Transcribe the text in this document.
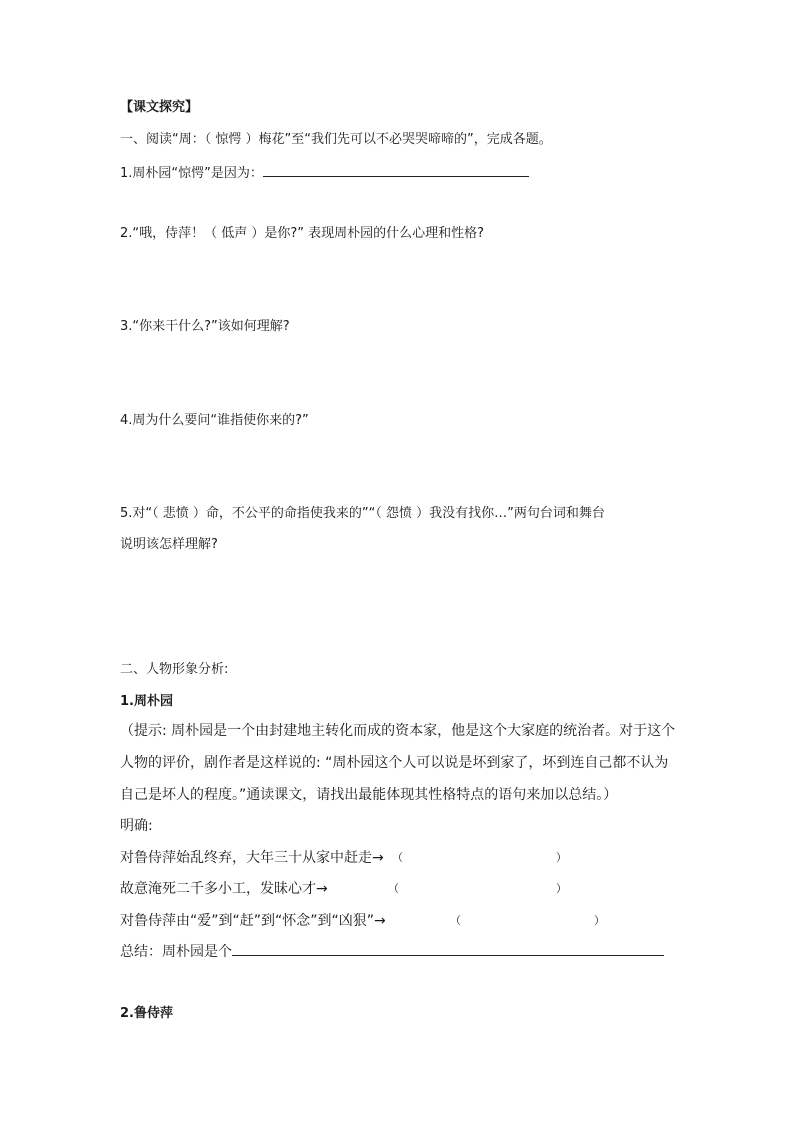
【课文探究】
一、阅读“周：（ 惊愕 ）梅花”至“我们先可以不必哭哭啼啼的”，完成各题。
1.周朴园“惊愕”是因为：
2.“哦，侍萍！（ 低声 ）是你?” 表现周朴园的什么心理和性格?
3.“你来干什么?”该如何理解?
4.周为什么要问“谁指使你来的?”
5.对“（ 悲愤 ）命，不公平的命指使我来的”“（ 怨愤 ）我没有找你…”两句台词和舞台
说明该怎样理解?
二、人物形象分析:
1.周朴园
（提示: 周朴园是一个由封建地主转化而成的资本家，他是这个大家庭的统治者。对于这个
人物的评价，剧作者是这样说的: “周朴园这个人可以说是坏到家了，坏到连自己都不认为
自己是坏人的程度。”通读课文，请找出最能体现其性格特点的语句来加以总结。）
明确:
对鲁侍萍始乱终弃，大年三十从家中赶走→ （	）
故意淹死二千多小工，发昧心才→	（	）
对鲁侍萍由“爱”到“赶”到“怀念”到“凶狠”→	（	）
总结：周朴园是个
2.鲁侍萍
